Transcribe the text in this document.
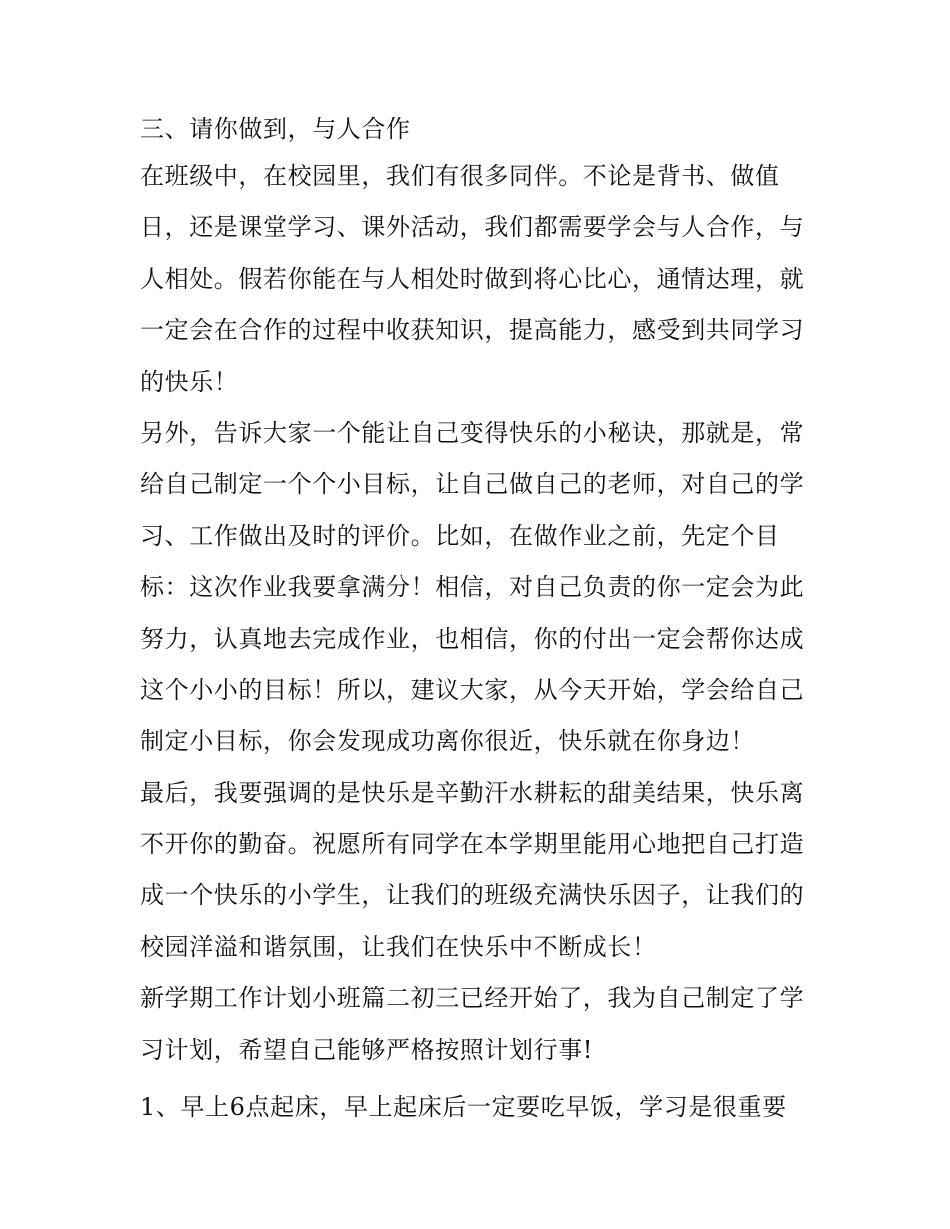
三、请你做到，与人合作
在班级中，在校园里，我们有很多同伴。不论是背书、做值
日，还是课堂学习、课外活动，我们都需要学会与人合作，与
人相处。假若你能在与人相处时做到将心比心，通情达理，就
一定会在合作的过程中收获知识，提高能力，感受到共同学习
的快乐！
另外，告诉大家一个能让自己变得快乐的小秘诀，那就是，常
给自己制定一个个小目标，让自己做自己的老师，对自己的学
习、工作做出及时的评价。比如，在做作业之前，先定个目
标：这次作业我要拿满分！相信，对自己负责的你一定会为此
努力，认真地去完成作业，也相信，你的付出一定会帮你达成
这个小小的目标！所以，建议大家，从今天开始，学会给自己
制定小目标，你会发现成功离你很近，快乐就在你身边！
最后，我要强调的是快乐是辛勤汗水耕耘的甜美结果，快乐离
不开你的勤奋。祝愿所有同学在本学期里能用心地把自己打造
成一个快乐的小学生，让我们的班级充满快乐因子，让我们的
校园洋溢和谐氛围，让我们在快乐中不断成长！
新学期工作计划小班篇二初三已经开始了，我为自己制定了学
习计划，希望自己能够严格按照计划行事!
1、早上6点起床，早上起床后一定要吃早饭，学习是很重要
